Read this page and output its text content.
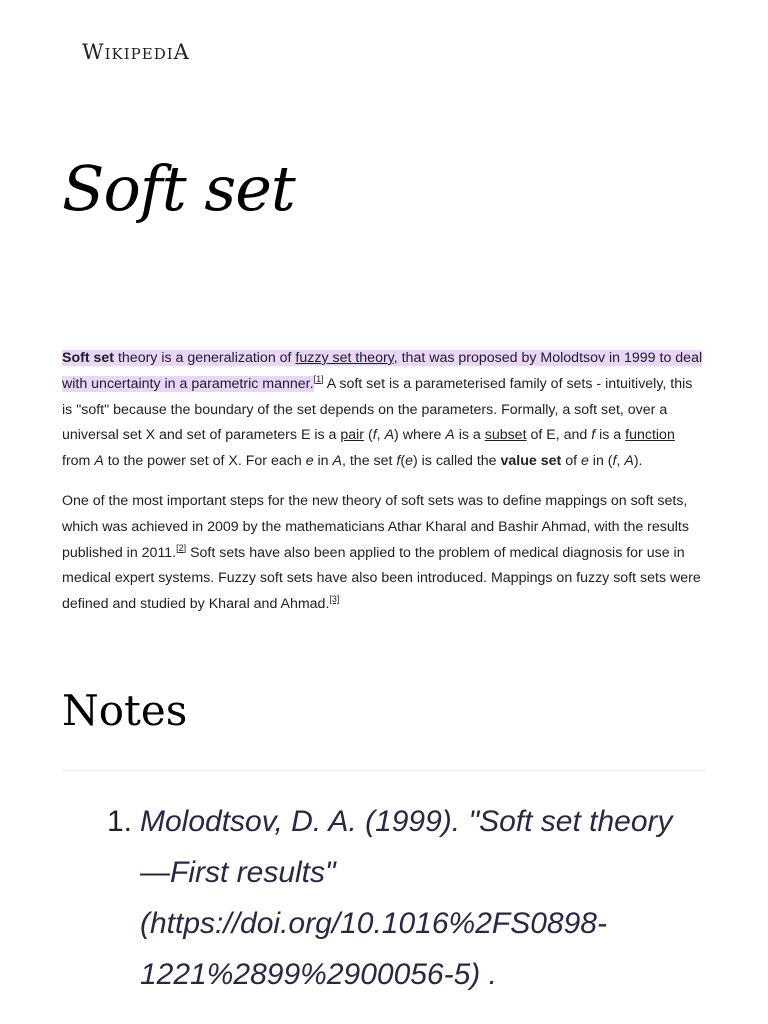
WIKIPEDIA
Soft set

Soft set theory is a generalization of fuzzy set theory, that was proposed by Molodtsov in 1999 to deal with uncertainty in a parametric manner.[1] A soft set is a parameterised family of sets - intuitively, this is "soft" because the boundary of the set depends on the parameters. Formally, a soft set, over a universal set X and set of parameters E is a pair (f, A) where A is a subset of E, and f is a function from A to the power set of X. For each e in A, the set f(e) is called the value set of e in (f, A).

One of the most important steps for the new theory of soft sets was to define mappings on soft sets, which was achieved in 2009 by the mathematicians Athar Kharal and Bashir Ahmad, with the results published in 2011.[2] Soft sets have also been applied to the problem of medical diagnosis for use in medical expert systems. Fuzzy soft sets have also been introduced. Mappings on fuzzy soft sets were defined and studied by Kharal and Ahmad.[3]

Notes
1. Molodtsov, D. A. (1999). "Soft set theory—First results" (https://doi.org/10.1016%2FS0898-1221%2899%2900056-5) .
